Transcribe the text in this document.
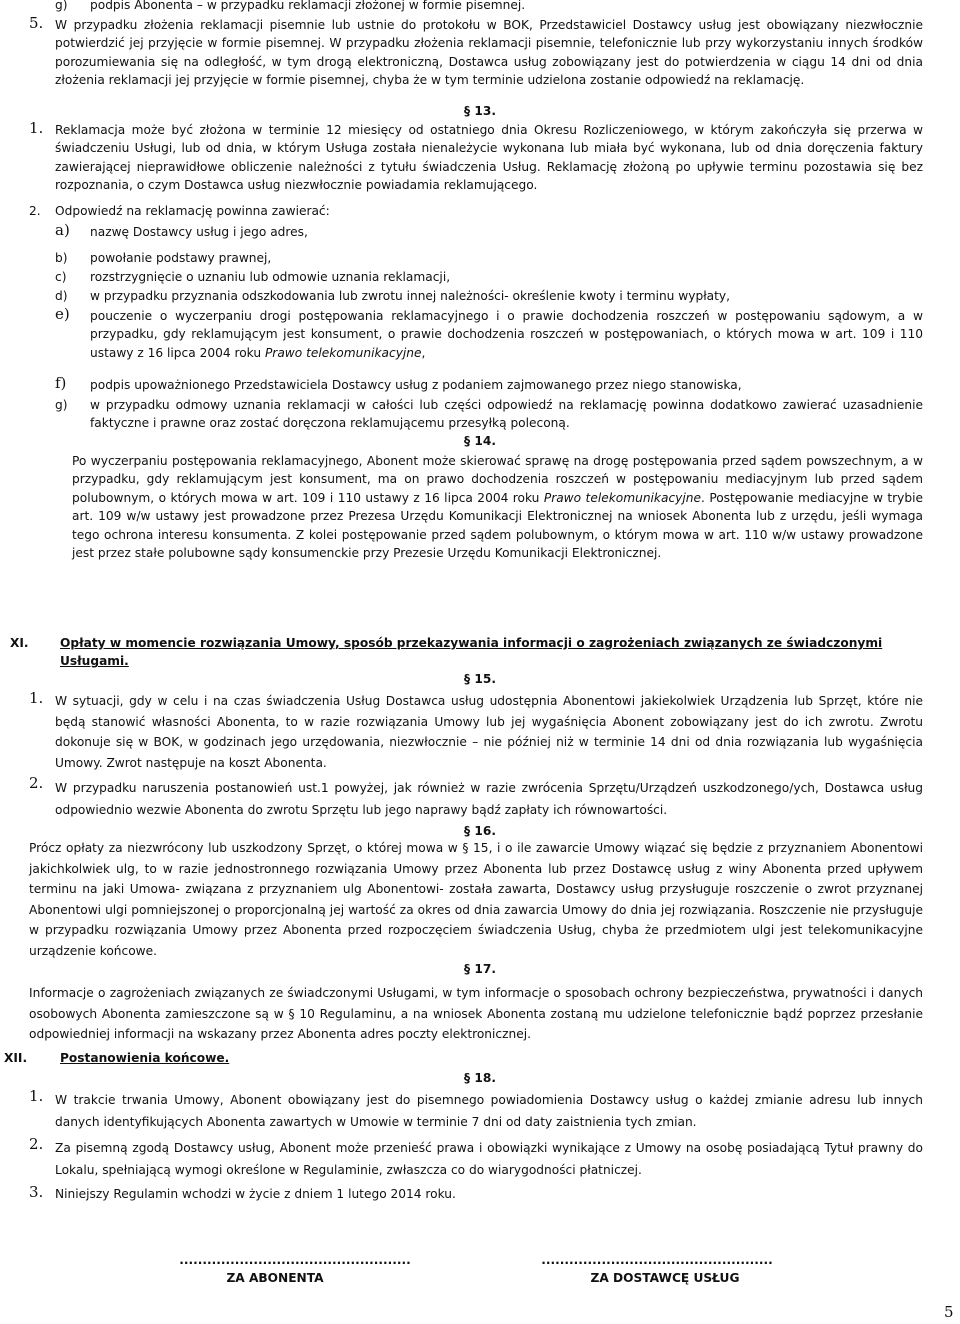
g) podpis Abonenta – w przypadku reklamacji złożonej w formie pisemnej.
5. W przypadku złożenia reklamacji pisemnie lub ustnie do protokołu w BOK, Przedstawiciel Dostawcy usług jest obowiązany niezwłocznie potwierdzić jej przyjęcie w formie pisemnej. W przypadku złożenia reklamacji pisemnie, telefonicznie lub przy wykorzystaniu innych środków porozumiewania się na odległość, w tym drogą elektroniczną, Dostawca usług zobowiązany jest do potwierdzenia w ciągu 14 dni od dnia złożenia reklamacji jej przyjęcie w formie pisemnej, chyba że w tym terminie udzielona zostanie odpowiedź na reklamację.
§ 13.
1. Reklamacja może być złożona w terminie 12 miesięcy od ostatniego dnia Okresu Rozliczeniowego, w którym zakończyła się przerwa w świadczeniu Usługi, lub od dnia, w którym Usługa została nienależycie wykonana lub miała być wykonana, lub od dnia doręczenia faktury zawierającej nieprawidłowe obliczenie należności z tytułu świadczenia Usług. Reklamację złożoną po upływie terminu pozostawia się bez rozpoznania, o czym Dostawca usług niezwłocznie powiadamia reklamującego.
2. Odpowiedź na reklamację powinna zawierać:
a) nazwę Dostawcy usług i jego adres,
b) powołanie podstawy prawnej,
c) rozstrzygnięcie o uznaniu lub odmowie uznania reklamacji,
d) w przypadku przyznania odszkodowania lub zwrotu innej należności- określenie kwoty i terminu wypłaty,
e) pouczenie o wyczerpaniu drogi postępowania reklamacyjnego i o prawie dochodzenia roszczeń w postępowaniu sądowym, a w przypadku, gdy reklamującym jest konsument, o prawie dochodzenia roszczeń w postępowaniach, o których mowa w art. 109 i 110 ustawy z 16 lipca 2004 roku Prawo telekomunikacyjne,
f) podpis upoważnionego Przedstawiciela Dostawcy usług z podaniem zajmowanego przez niego stanowiska,
g) w przypadku odmowy uznania reklamacji w całości lub części odpowiedź na reklamację powinna dodatkowo zawierać uzasadnienie faktyczne i prawne oraz zostać doręczona reklamującemu przesyłką poleconą.
§ 14.
Po wyczerpaniu postępowania reklamacyjnego, Abonent może skierować sprawę na drogę postępowania przed sądem powszechnym, a w przypadku, gdy reklamującym jest konsument, ma on prawo dochodzenia roszczeń w postępowaniu mediacyjnym lub przed sądem polubownym, o których mowa w art. 109 i 110 ustawy z 16 lipca 2004 roku Prawo telekomunikacyjne. Postępowanie mediacyjne w trybie art. 109 w/w ustawy jest prowadzone przez Prezesa Urzędu Komunikacji Elektronicznej na wniosek Abonenta lub z urzędu, jeśli wymaga tego ochrona interesu konsumenta. Z kolei postępowanie przed sądem polubownym, o którym mowa w art. 110 w/w ustawy prowadzone jest przez stałe polubowne sądy konsumenckie przy Prezesie Urzędu Komunikacji Elektronicznej.
XI.	Opłaty w momencie rozwiązania Umowy, sposób przekazywania informacji o zagrożeniach związanych ze świadczonymi Usługami.
§ 15.
1. W sytuacji, gdy w celu i na czas świadczenia Usług Dostawca usług udostępnia Abonentowi jakiekolwiek Urządzenia lub Sprzęt, które nie będą stanowić własności Abonenta, to w razie rozwiązania Umowy lub jej wygaśnięcia Abonent zobowiązany jest do ich zwrotu. Zwrotu dokonuje się w BOK, w godzinach jego urzędowania, niezwłocznie – nie później niż w terminie 14 dni od dnia rozwiązania lub wygaśnięcia Umowy. Zwrot następuje na koszt Abonenta.
2. W przypadku naruszenia postanowień ust.1 powyżej, jak również w razie zwrócenia Sprzętu/Urządzeń uszkodzonego/ych, Dostawca usług odpowiednio wezwie Abonenta do zwrotu Sprzętu lub jego naprawy bądź zapłaty ich równowartości.
§ 16.
Prócz opłaty za niezwrócony lub uszkodzony Sprzęt, o której mowa w § 15, i o ile zawarcie Umowy wiązać się będzie z przyznaniem Abonentowi jakichkolwiek ulg, to w razie jednostronnego rozwiązania Umowy przez Abonenta lub przez Dostawcę usług z winy Abonenta przed upływem terminu na jaki Umowa- związana z przyznaniem ulg Abonentowi- została zawarta, Dostawcy usług przysługuje roszczenie o zwrot przyznanej Abonentowi ulgi pomniejszonej o proporcjonalną jej wartość za okres od dnia zawarcia Umowy do dnia jej rozwiązania. Roszczenie nie przysługuje w przypadku rozwiązania Umowy przez Abonenta przed rozpoczęciem świadczenia Usług, chyba że przedmiotem ulgi jest telekomunikacyjne urządzenie końcowe.
§ 17.
Informacje o zagrożeniach związanych ze świadczonymi Usługami, w tym informacje o sposobach ochrony bezpieczeństwa, prywatności i danych osobowych Abonenta zamieszczone są w § 10 Regulaminu, a na wniosek Abonenta zostaną mu udzielone telefonicznie bądź poprzez przesłanie odpowiedniej informacji na wskazany przez Abonenta adres poczty elektronicznej.
XII.	Postanowienia końcowe.
§ 18.
1. W trakcie trwania Umowy, Abonent obowiązany jest do pisemnego powiadomienia Dostawcy usług o każdej zmianie adresu lub innych danych identyfikujących Abonenta zawartych w Umowie w terminie 7 dni od daty zaistnienia tych zmian.
2. Za pisemną zgodą Dostawcy usług, Abonent może przenieść prawa i obowiązki wynikające z Umowy na osobę posiadającą Tytuł prawny do Lokalu, spełniającą wymogi określone w Regulaminie, zwłaszcza co do wiarygodności płatniczej.
3. Niniejszy Regulamin wchodzi w życie z dniem 1 lutego 2014 roku.
..................................................
ZA ABONENTA
..................................................
ZA DOSTAWCĘ USŁUG
5
